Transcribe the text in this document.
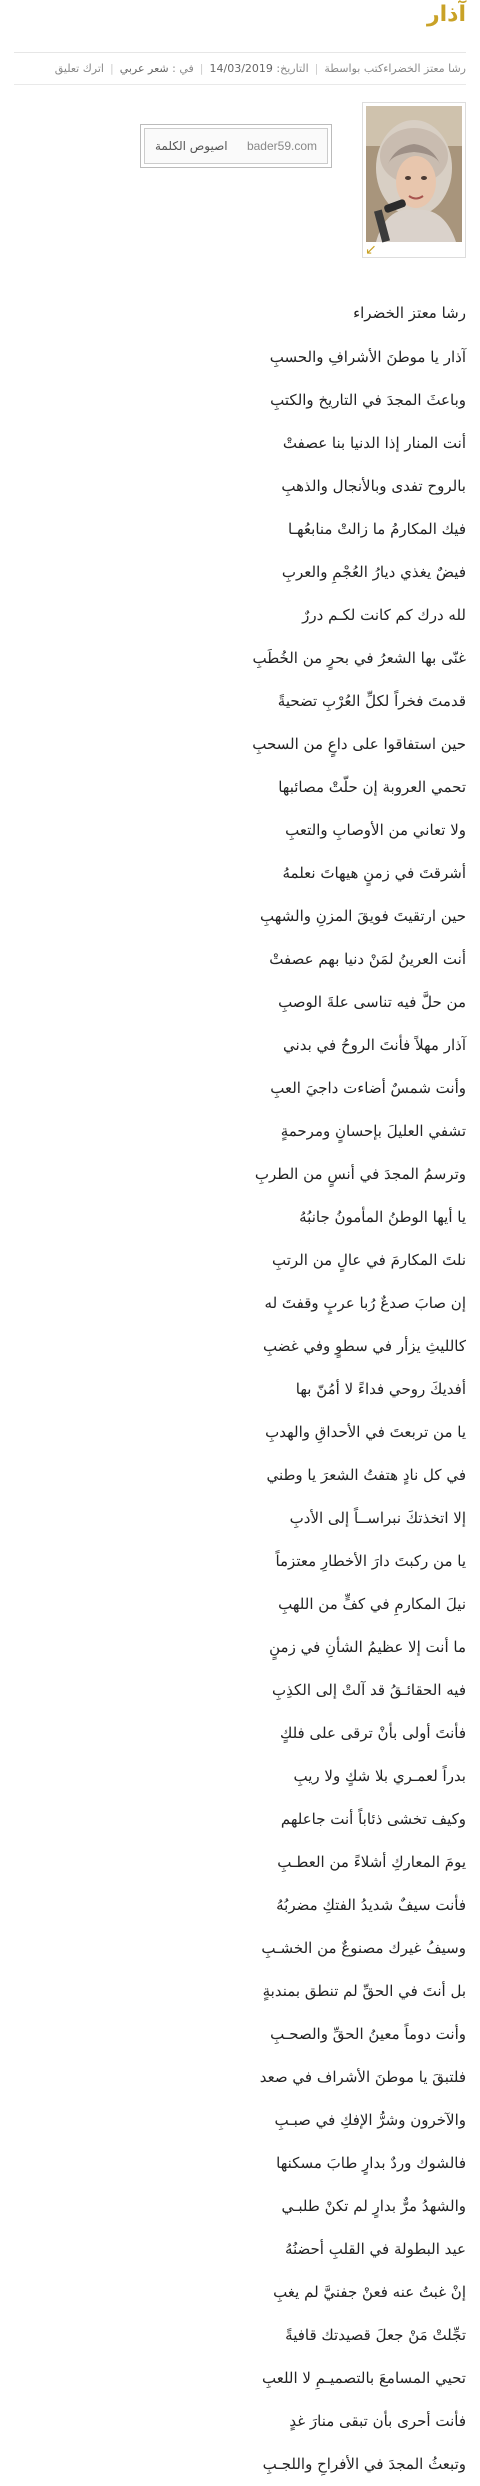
آذار
رشا معتز الخضراءكتب بواسطة
|
التاريخ: 14/03/2019
|
في : شعر عربي
|
اترك تعليق
↙
bader59.com
اصيوص الكلمة

رشا معتز الخضراء

آذار يا موطنَ الأشرافِ والحسبِ

وباعثَ المجدَ في التاريخ والكتبِ

أنت المنار إذا الدنيا بنا عصفتْ

بالروح تفدى وبالأنجال والذهبِ

فيك المكارمُ ما زالتْ منابعُهـا

فيضٌ يغذي دیارُ العُجْمِ والعربِ

لله درك كم كانت لكـم دررٌ

غنّى بها الشعرُ في بحرٍ من الخُطَبِ

قدمتَ فخراً لكلِّ العُرْبِ تضحيةً

حين استفاقوا على داعٍ من السحبِ

تحمي العروبة إن حلّتْ مصائبها

ولا تعاني من الأوصابِ والتعبِ

أشرقتَ في زمنٍ هيهاتَ نعلمهُ

حين ارتقيتَ فويقَ المزنِ والشهبِ

أنت العرينُ لمَنْ دنيا بهم عصفتْ

من حلَّ فيه تناسى علةَ الوصبِ

آذار مهلاً فأنتَ الروحُ في بدني

وأنت شمسٌ أضاءت داجيَ العبِ

تشفي العليلَ بإحسانٍ ومرحمةٍ

وترسمُ المجدَ في أنسٍ من الطربِ

يا أيها الوطنُ المأمونُ جانبُهُ

نلتَ المكارمَ في عالٍ من الرتبِ

إن صابَ صدعٌ رُبا عربٍ وقفتَ له

كالليثِ يزأر في سطوٍ وفي غضبِ

أفديكَ روحي فداءً لا أمُنّ بها

يا من تربعتَ في الأحداقِ والهدبِ

في كل نادٍ هتفتُ الشعرَ يا وطني

إلا اتخذتكَ نبراســاً إلى الأدبِ

يا من ركبتَ دارَ الأخطارِ معتزماً

نيلَ المكارمِ في كفٍّ من اللهبِ

ما أنت إلا عظيمُ الشأنِ في زمنٍ

فيه الحقائـقُ قد آلتْ إلى الكذِبِ

فأنتَ أولى بأنْ ترقى على فلكٍ

بدراً لعمـري بلا شكٍ ولا ريبِ

وكيف تخشى ذئاباً أنت جاعلهم

يومَ المعاركِ أشلاءً من العطـبِ

فأنت سيفٌ شديدُ الفتكِ مضربُهُ

وسيفُ غيرك مصنوعٌ من الخشـبِ

بل أنتَ في الحقِّ لم تنطق بمندبةٍ

وأنت دوماً معينُ الحقِّ والصحـبِ

فلتبقَ يا موطنَ الأشراف في صعد

والآخرون وشرُّ الإفكِ في صبـبِ

فالشوك وردٌ بدارٍ طابَ مسكنها

والشهدُ مرٌّ بدارٍ لم تكنْ طلبـي

عيد البطولة في القلبِ أحضنُهُ

إنْ غبتُ عنه فعنْ جفنيَّ لم يغبِ

تجِّلتْ مَنْ جعلَ قصيدتك قافيةً

تحيي المسامعَ بالتصميـمِ لا اللعبِ

فأنت أحرى بأن تبقى منارَ غدٍ

وتبعثُ المجدَ في الأفراحِ واللجـبِ
